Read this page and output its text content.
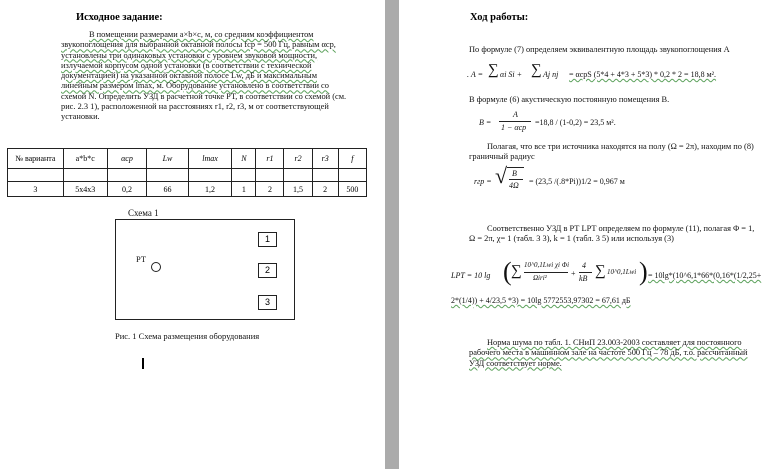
Исходное задание:
В помещении размерами a×b×c, м, со средним коэффициентом
звукопоглощения для выбранной октавной полосы fср = 500 Гц, равным αср,
установлены три одинаковых установки с уровнем звуковой мощности,
излучаемой корпусом одной установки (в соответствии с технической
документацией) на указанной октавной полосе Lw, дБ и максимальным
линейным размером lmax, м. Оборудование установлено в соответствии со
схемой N. Определить УЗД в расчетной точке РТ, в соответствии со схемой (см.
рис. 2.3 1), расположенной на расстояниях r1, r2, r3, м от соответствующей
установки.
№ варианта	a*b*c	αср	Lw	lmax	N	r1	r2	r3	f

3	5x4x3	0,2	66	1,2	1	2	1,5	2	500
Схема 1
РТ
1
2
3
Рис. 1 Схема размещения оборудования
Ход работы:
По формуле (7) определяем эквивалентную площадь звукопоглощения A
. A = ∑ αi Si + ∑ Aj nj = αсрS (5*4 + 4*3 + 5*3) * 0,2 * 2 = 18,8 м².
В формуле (6) акустическую постоянную помещения B.
B =
A
1 − αср
=18,8 / (1-0,2) = 23,5 м².
Полагая, что все три источника находятся на полу (Ω = 2π), находим по (8)
граничный радиус
rгр = √ B
4Ω = (23,5 /(.8*Pi))1/2 = 0,967 м
Соответственно УЗД в РТ LРТ определяем по формуле (11), полагая Φ = 1,
Ω = 2π, χ= 1 (табл. 3 3), k = 1 (табл. 3 5) или используя (3)
LРТ = 10 lg ( ∑ 10^0,1Lwi χi Φi
Ωiri²	+
4
kB ∑ 10^0,1Lwi ) = 10lg*(10^6,1*66*(0,16*(1/2,25+
2*(1/4)) + 4/23,5 *3) = 10lg 5772553,97302 = 67,61 дБ
Норма шума по табл. 1. СНиП 23.003-2003 составляет для постоянного
рабочего места в машинном зале на частоте 500 Гц – 78 дБ, т.о. рассчитанный
УЗД соответствует норме.
